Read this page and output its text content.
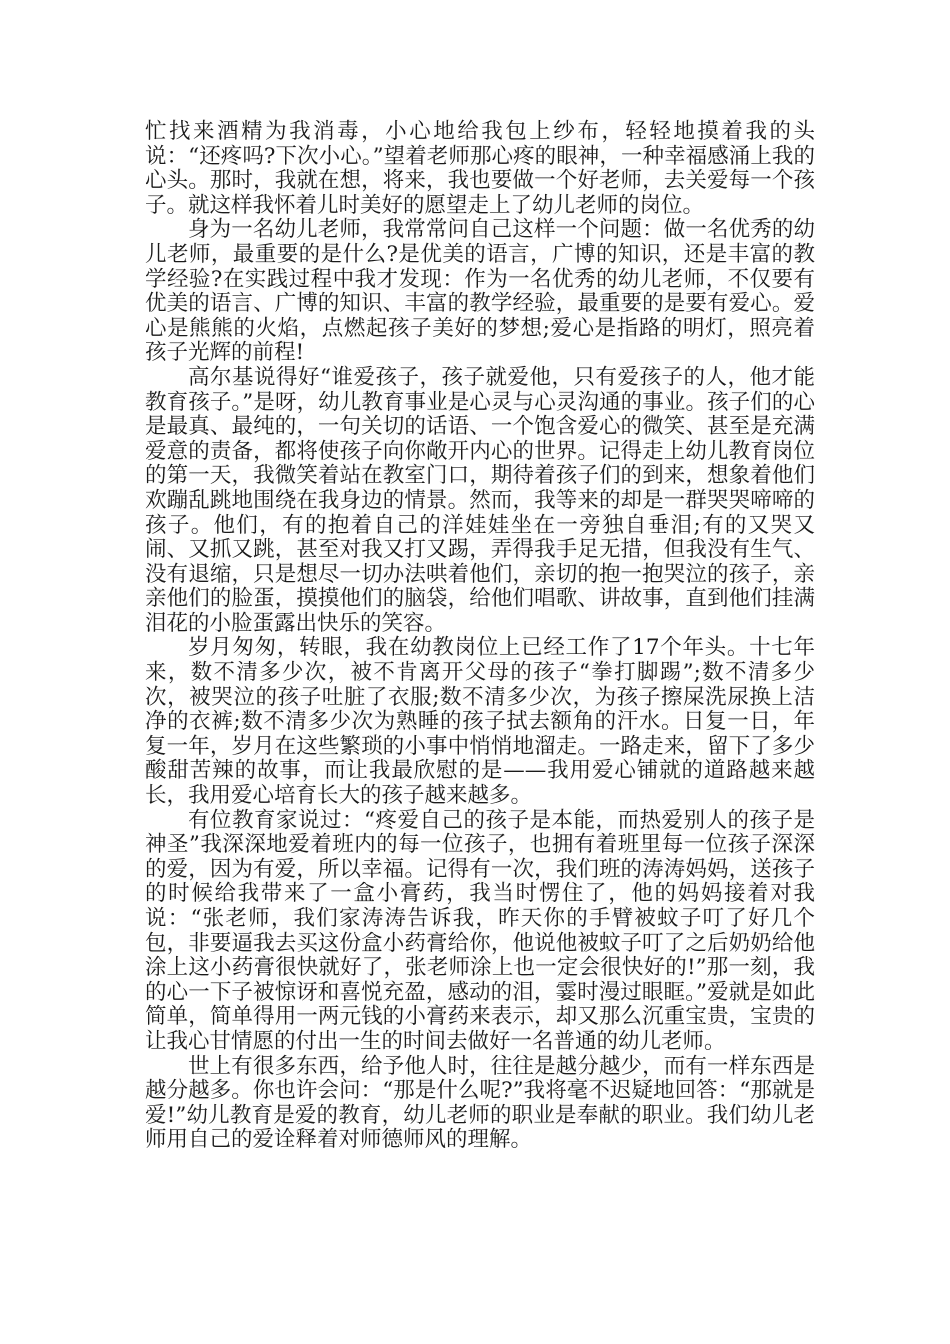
忙找来酒精为我消毒，小心地给我包上纱布，轻轻地摸着我的头说：“还疼吗?下次小心。”望着老师那心疼的眼神，一种幸福感涌上我的心头。那时，我就在想，将来，我也要做一个好老师，去关爱每一个孩子。就这样我怀着儿时美好的愿望走上了幼儿老师的岗位。

身为一名幼儿老师，我常常问自己这样一个问题：做一名优秀的幼儿老师，最重要的是什么?是优美的语言，广博的知识，还是丰富的教学经验?在实践过程中我才发现：作为一名优秀的幼儿老师，不仅要有优美的语言、广博的知识、丰富的教学经验，最重要的是要有爱心。爱心是熊熊的火焰，点燃起孩子美好的梦想;爱心是指路的明灯，照亮着孩子光辉的前程!

高尔基说得好“谁爱孩子，孩子就爱他，只有爱孩子的人，他才能教育孩子。”是呀，幼儿教育事业是心灵与心灵沟通的事业。孩子们的心是最真、最纯的，一句关切的话语、一个饱含爱心的微笑、甚至是充满爱意的责备，都将使孩子向你敞开内心的世界。记得走上幼儿教育岗位的第一天，我微笑着站在教室门口，期待着孩子们的到来，想象着他们欢蹦乱跳地围绕在我身边的情景。然而，我等来的却是一群哭哭啼啼的孩子。他们，有的抱着自己的洋娃娃坐在一旁独自垂泪;有的又哭又闹、又抓又跳，甚至对我又打又踢，弄得我手足无措，但我没有生气、没有退缩，只是想尽一切办法哄着他们，亲切的抱一抱哭泣的孩子，亲亲他们的脸蛋，摸摸他们的脑袋，给他们唱歌、讲故事，直到他们挂满泪花的小脸蛋露出快乐的笑容。

岁月匆匆，转眼，我在幼教岗位上已经工作了17个年头。十七年来，数不清多少次，被不肯离开父母的孩子“拳打脚踢”;数不清多少次，被哭泣的孩子吐脏了衣服;数不清多少次，为孩子擦屎洗尿换上洁净的衣裤;数不清多少次为熟睡的孩子拭去额角的汗水。日复一日，年复一年，岁月在这些繁琐的小事中悄悄地溜走。一路走来，留下了多少酸甜苦辣的故事，而让我最欣慰的是——我用爱心铺就的道路越来越长，我用爱心培育长大的孩子越来越多。

有位教育家说过：“疼爱自己的孩子是本能，而热爱别人的孩子是神圣”我深深地爱着班内的每一位孩子，也拥有着班里每一位孩子深深的爱，因为有爱，所以幸福。记得有一次，我们班的涛涛妈妈，送孩子的时候给我带来了一盒小膏药，我当时愣住了，他的妈妈接着对我说：“张老师，我们家涛涛告诉我，昨天你的手臂被蚊子叮了好几个包，非要逼我去买这份盒小药膏给你，他说他被蚊子叮了之后奶奶给他涂上这小药膏很快就好了，张老师涂上也一定会很快好的!”那一刻，我的心一下子被惊讶和喜悦充盈，感动的泪，霎时漫过眼眶。”爱就是如此简单，简单得用一两元钱的小膏药来表示，却又那么沉重宝贵，宝贵的让我心甘情愿的付出一生的时间去做好一名普通的幼儿老师。

世上有很多东西，给予他人时，往往是越分越少，而有一样东西是越分越多。你也许会问：“那是什么呢?”我将毫不迟疑地回答：“那就是爱!”幼儿教育是爱的教育，幼儿老师的职业是奉献的职业。我们幼儿老师用自己的爱诠释着对师德师风的理解。
